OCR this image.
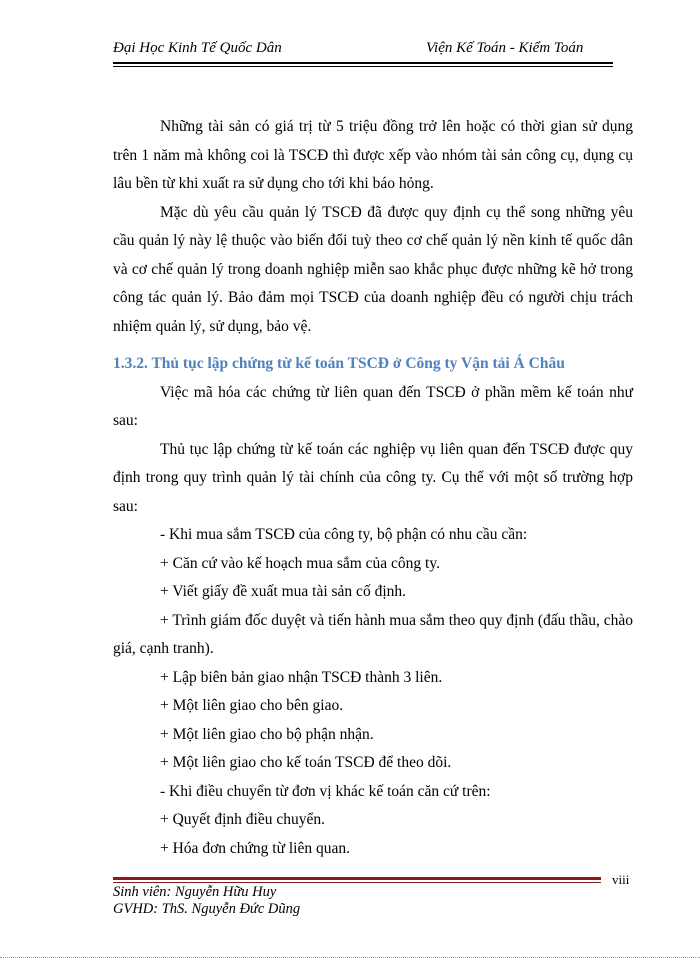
Đại Học Kinh Tế Quốc Dân	Viện Kế Toán - Kiểm Toán

Những tài sản có giá trị từ 5 triệu đồng trở lên hoặc có thời gian sử dụng trên 1 năm mà không coi là TSCĐ thì được xếp vào nhóm tài sản công cụ, dụng cụ lâu bền từ khi xuất ra sử dụng cho tới khi báo hỏng.

Mặc dù yêu cầu quản lý TSCĐ đã được quy định cụ thể song những yêu cầu quản lý này lệ thuộc vào biến đổi tuỳ theo cơ chế quản lý nền kinh tế quốc dân và cơ chế quản lý trong doanh nghiệp miễn sao khắc phục được những kẽ hở trong công tác quản lý. Bảo đảm mọi TSCĐ của doanh nghiệp đều có người chịu trách nhiệm quản lý, sử dụng, bảo vệ.

1.3.2. Thủ tục lập chứng từ kế toán TSCĐ ở Công ty Vận tải Á Châu

Việc mã hóa các chứng từ liên quan đến TSCĐ ở phần mềm kế toán như sau:

Thủ tục lập chứng từ kế toán các nghiệp vụ liên quan đến TSCĐ được quy định trong quy trình quản lý tài chính của công ty. Cụ thể với một số trường hợp sau:

- Khi mua sắm TSCĐ của công ty, bộ phận có nhu cầu cần:

+ Căn cứ vào kế hoạch mua sắm của công ty.

+ Viết giấy đề xuất mua tài sản cố định.

+ Trình giám đốc duyệt và tiến hành mua sắm theo quy định (đấu thầu, chào giá, cạnh tranh).

+ Lập biên bản giao nhận TSCĐ thành 3 liên.

+ Một liên giao cho bên giao.

+ Một liên giao cho bộ phận nhận.

+ Một liên giao cho kế toán TSCĐ để theo dõi.

- Khi điều chuyển từ đơn vị khác kế toán căn cứ trên:

+ Quyết định điều chuyển.

+ Hóa đơn chứng từ liên quan.

viii
Sinh viên: Nguyễn Hữu Huy
GVHD: ThS. Nguyễn Đức Dũng
